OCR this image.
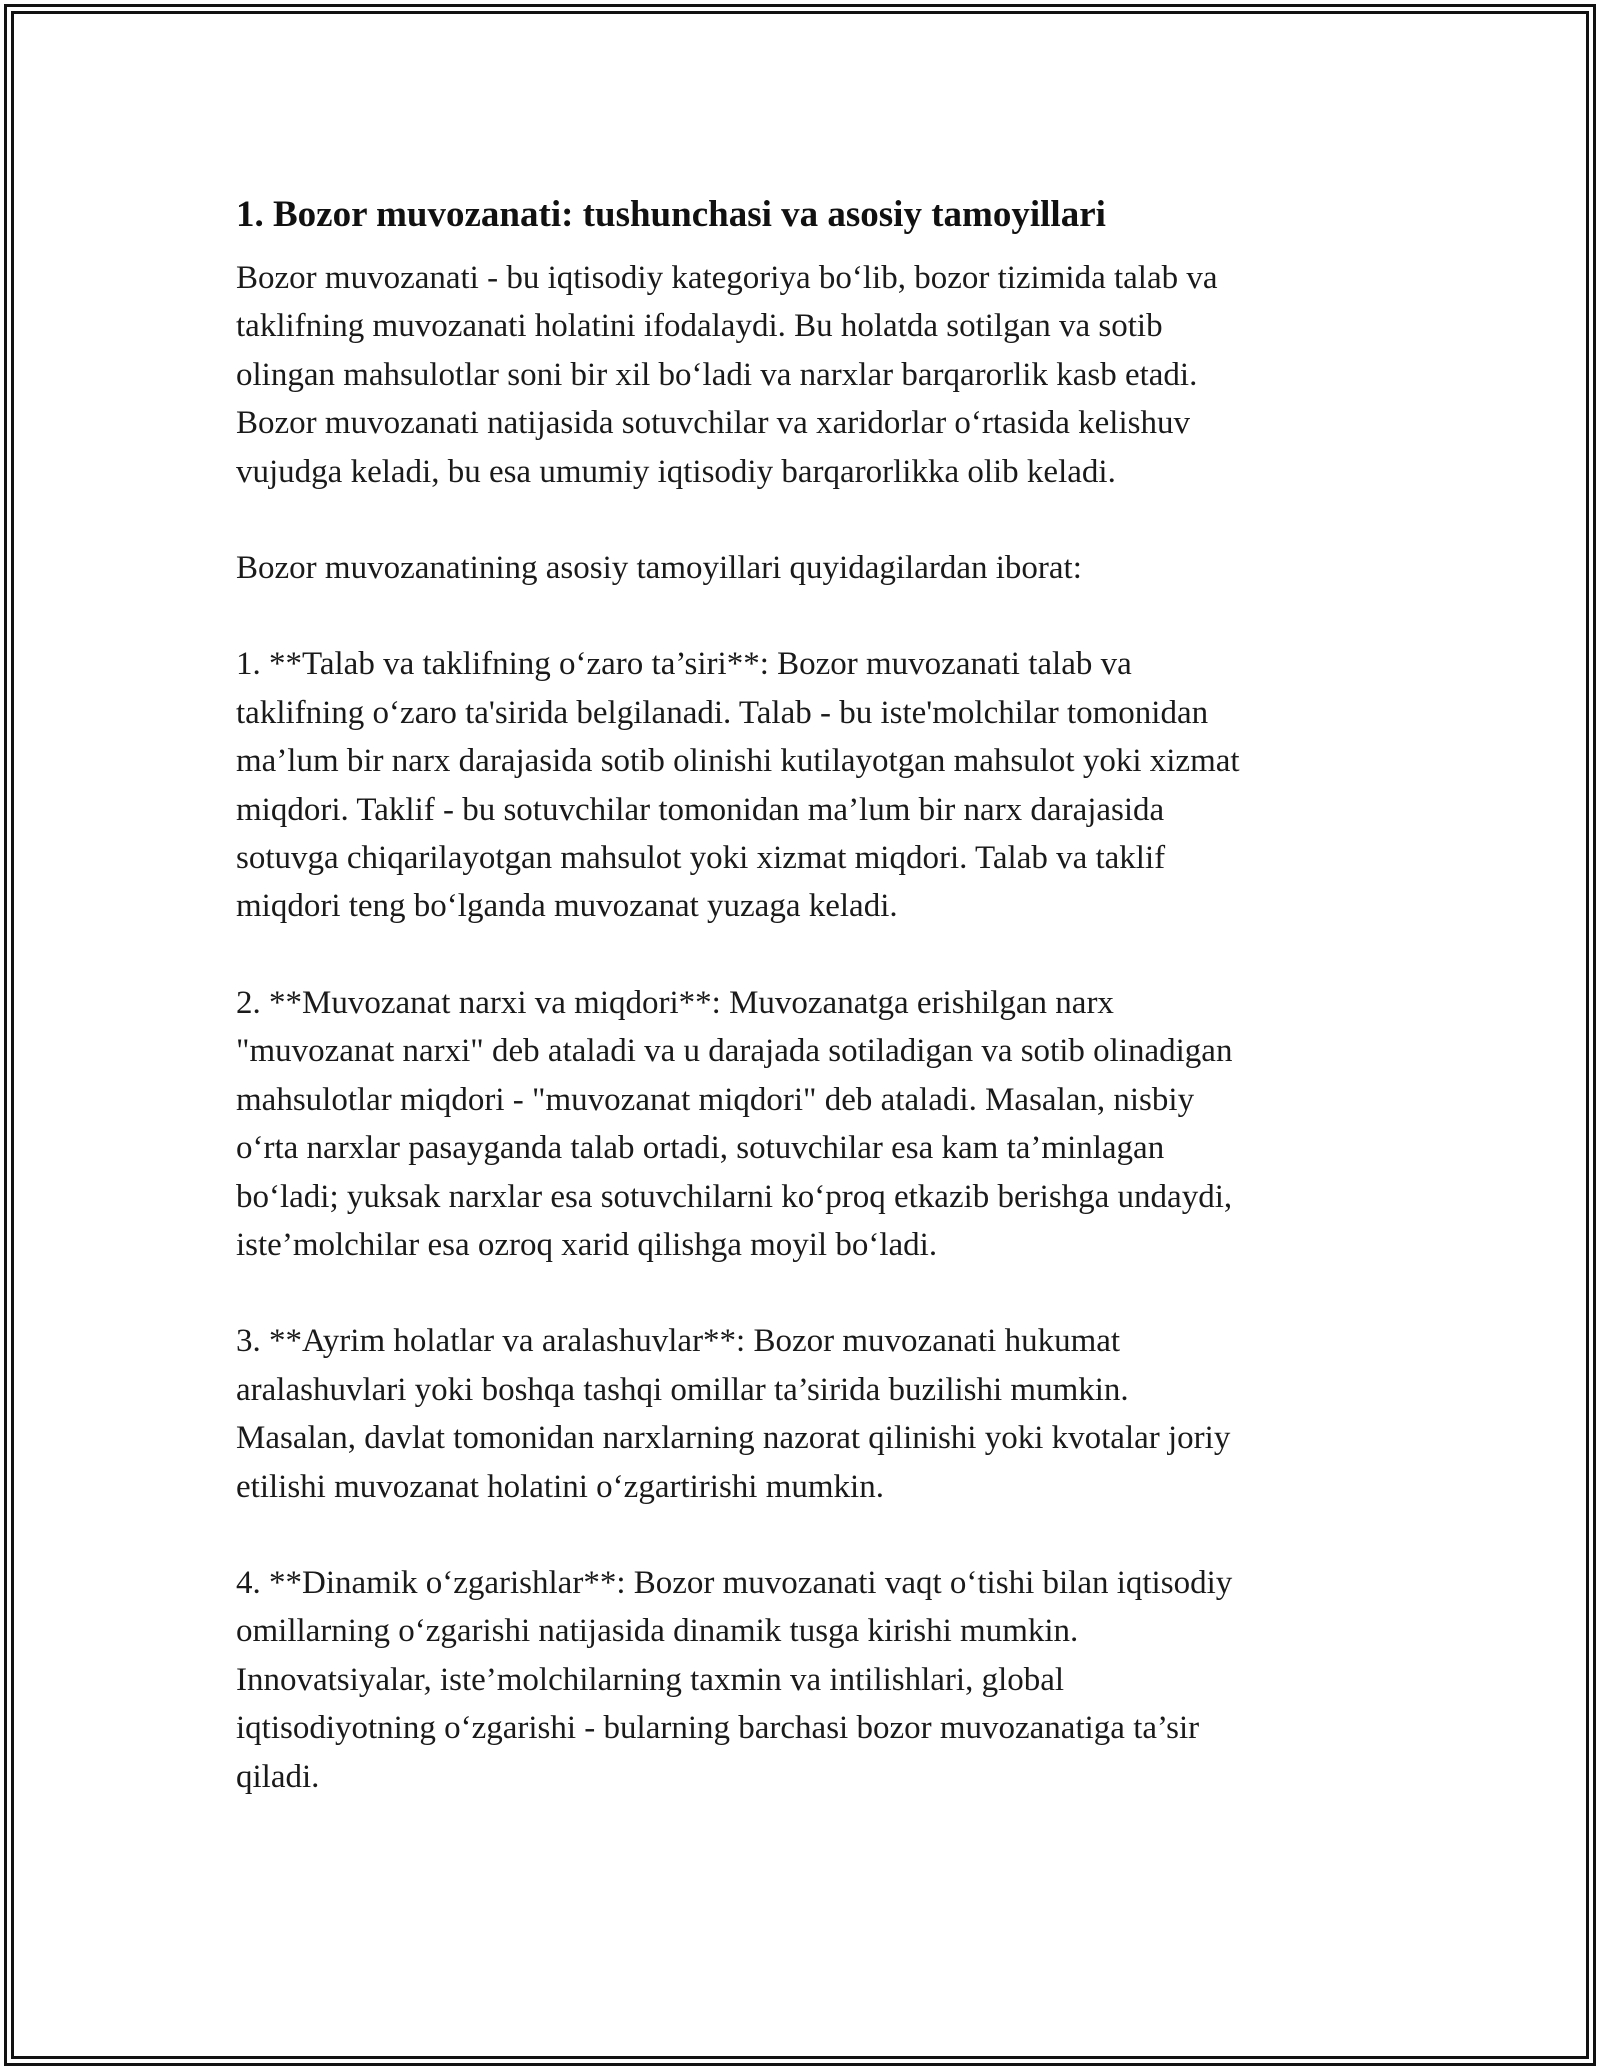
1. Bozor muvozanati: tushunchasi va asosiy tamoyillari

Bozor muvozanati - bu iqtisodiy kategoriya bo‘lib, bozor tizimida talab va
taklifning muvozanati holatini ifodalaydi. Bu holatda sotilgan va sotib
olingan mahsulotlar soni bir xil bo‘ladi va narxlar barqarorlik kasb etadi.
Bozor muvozanati natijasida sotuvchilar va xaridorlar o‘rtasida kelishuv
vujudga keladi, bu esa umumiy iqtisodiy barqarorlikka olib keladi.

Bozor muvozanatining asosiy tamoyillari quyidagilardan iborat:

1. **Talab va taklifning o‘zaro ta’siri**: Bozor muvozanati talab va
taklifning o‘zaro ta'sirida belgilanadi. Talab - bu iste'molchilar tomonidan
ma’lum bir narx darajasida sotib olinishi kutilayotgan mahsulot yoki xizmat
miqdori. Taklif - bu sotuvchilar tomonidan ma’lum bir narx darajasida
sotuvga chiqarilayotgan mahsulot yoki xizmat miqdori. Talab va taklif
miqdori teng bo‘lganda muvozanat yuzaga keladi.

2. **Muvozanat narxi va miqdori**: Muvozanatga erishilgan narx
"muvozanat narxi" deb ataladi va u darajada sotiladigan va sotib olinadigan
mahsulotlar miqdori - "muvozanat miqdori" deb ataladi. Masalan, nisbiy
o‘rta narxlar pasayganda talab ortadi, sotuvchilar esa kam ta’minlagan
bo‘ladi; yuksak narxlar esa sotuvchilarni ko‘proq etkazib berishga undaydi,
iste’molchilar esa ozroq xarid qilishga moyil bo‘ladi.

3. **Ayrim holatlar va aralashuvlar**: Bozor muvozanati hukumat
aralashuvlari yoki boshqa tashqi omillar ta’sirida buzilishi mumkin.
Masalan, davlat tomonidan narxlarning nazorat qilinishi yoki kvotalar joriy
etilishi muvozanat holatini o‘zgartirishi mumkin.

4. **Dinamik o‘zgarishlar**: Bozor muvozanati vaqt o‘tishi bilan iqtisodiy
omillarning o‘zgarishi natijasida dinamik tusga kirishi mumkin.
Innovatsiyalar, iste’molchilarning taxmin va intilishlari, global
iqtisodiyotning o‘zgarishi - bularning barchasi bozor muvozanatiga ta’sir
qiladi.
